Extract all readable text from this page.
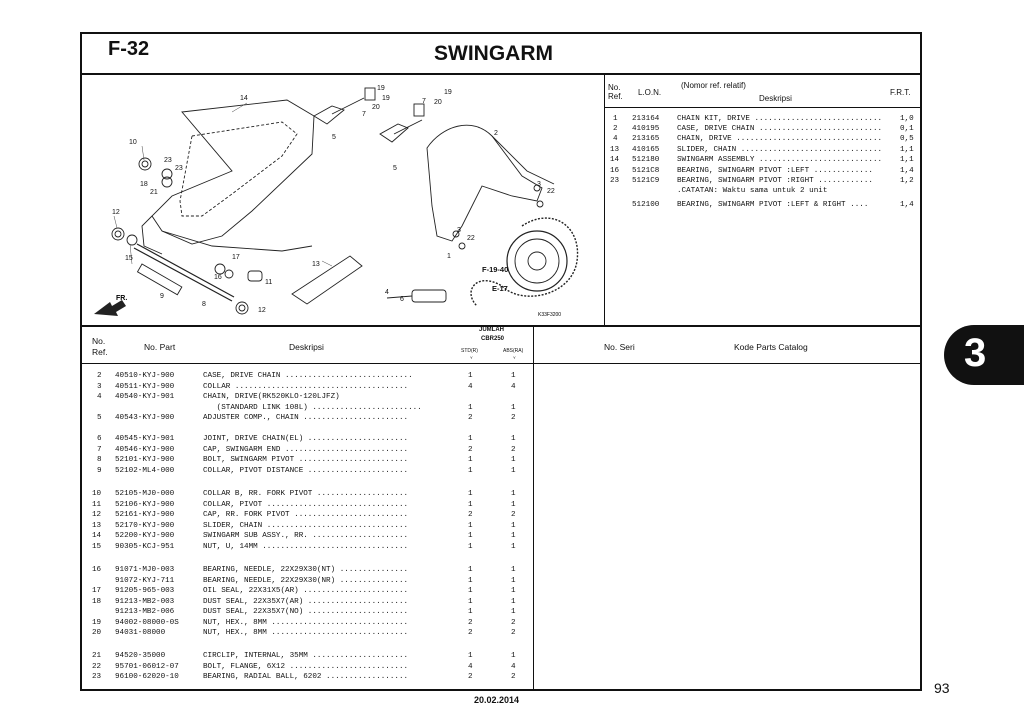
F-32	SWINGARM
FR.
14
19
19	7 20
19
20
5
7
2
5
10
23
23
18
21
12
3
22
3
22
15	17
16
11
13
9
8
12
4
6
1
F-19-40
E-17
K33F3200
No.
Ref. L.O.N.
(Nomor ref. relatif)
Deskripsi
F.R.T.
1 213164 CHAIN KIT, DRIVE ............................ 1,0
2 410195 CASE, DRIVE CHAIN ........................... 0,1
4 213165 CHAIN, DRIVE ................................ 0,5
13 410165 SLIDER, CHAIN ............................... 1,1
14 512180 SWINGARM ASSEMBLY ........................... 1,1
16 5121C8 BEARING, SWINGARM PIVOT :LEFT .............	1,4
23 5121C9 BEARING, SWINGARM PIVOT :RIGHT ............	1,2
.CATATAN: Waktu sama untuk 2 unit
512100 BEARING, SWINGARM PIVOT :LEFT & RIGHT ....	1,4
No.
Ref.	No. Part	Deskripsi
JUMLAH
CBR250
STD(R)	ABS(RA)
Y	Y
No. Seri	Kode Parts Catalog
2 40510-KYJ-900	CASE, DRIVE CHAIN ............................	1	1
3 40511-KYJ-900	COLLAR ......................................	4	4
4 40540-KYJ-901	CHAIN, DRIVE(RK520KLO-120LJFZ)
(STANDARD LINK 108L) ........................	1	1
5 40543-KYJ-900	ADJUSTER COMP., CHAIN .......................	2	2
6 40545-KYJ-901	JOINT, DRIVE CHAIN(EL) ......................	1	1
7 40546-KYJ-900	CAP, SWINGARM END ...........................	2	2
8 52101-KYJ-900	BOLT, SWINGARM PIVOT ........................	1	1
9 52102-ML4-000	COLLAR, PIVOT DISTANCE ......................	1	1
10 52105-MJ0-000	COLLAR B, RR. FORK PIVOT ....................	1	1
11 52106-KYJ-900	COLLAR, PIVOT ...............................	1	1
12 52161-KYJ-900	CAP, RR. FORK PIVOT .........................	2	2
13 52170-KYJ-900	SLIDER, CHAIN ...............................	1	1
14 52200-KYJ-900	SWINGARM SUB ASSY., RR. .....................	1	1
15 90305-KCJ-951	NUT, U, 14MM ................................	1	1
16 91071-MJ0-003	BEARING, NEEDLE, 22X29X30(NT) ...............	1	1
91072-KYJ-711	BEARING, NEEDLE, 22X29X30(NR) ...............	1	1
17 91205-965-003	OIL SEAL, 22X31X5(AR) .......................	1	1
18 91213-MB2-003	DUST SEAL, 22X35X7(AR) ......................	1	1
91213-MB2-006	DUST SEAL, 22X35X7(NO) ......................	1	1
19 94002-08000-0S	NUT, HEX., 8MM ..............................	2	2
20 94031-08000	NUT, HEX., 8MM ..............................	2	2
21 94520-35000	CIRCLIP, INTERNAL, 35MM .....................	1	1
22 95701-06012-07	BOLT, FLANGE, 6X12 ..........................	4	4
23 96100-62020-10	BEARING, RADIAL BALL, 6202 ..................	2	2
20.02.2014
93
3
